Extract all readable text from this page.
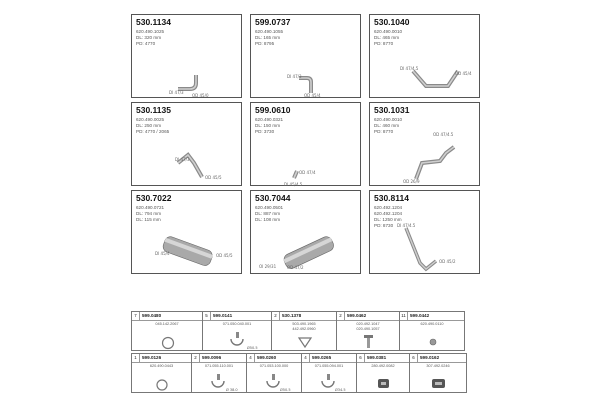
530.1134
620.490.1025
DL: 320 mm
PD: 4770
DI 47/3
OD 45/0
599.0737
620.490.1055
DL: 165 mm
PD: 8795
DI 47/3
OD 45/4
530.1040
620.490.0010
DL: 465 mm
PD: 8770
DI 47/4.5
OD 45/4
530.1135
620.490.0025
DL: 250 mm
PD: 4770 / 2065
DI 47/3
OD 45/5
599.0610
620.490.0321
DL: 150 mm
PD: 3730
OD 47/4
DI 45/4.5
530.1031
620.490.0010
DL: 460 mm
PD: 8770
OD 47/4.5
OD 26/9
530.7022
620.490.0721
DL: 794 mm
DL: 115 mm
DI 45/4	OD 45/5
530.7044
620.490.0501
DL: 887 mm
DL: 108 mm
OI 29/31	OD 47/2
530.8114
620.492.1204
620.492.1204
DL: 1250 mm
PD: 8730 DI 47/4.5
OD 45/2
7	599.0480
045.142.2067
5	599.0141
071.050.040.001
Ø50.5
2	530.1378
503.490.1965
442.492.0960
2	599.0462
020.492.1047
020.490.1057
11 599.0442
620.490.0110
1	599.0126
620.490.0443
2	599.0096
071.055.110.001
Ø 38.0
4	599.0260
071.053.100.000
Ø50.5
4	599.0265
071.055.094.001
Ø34.5
6	599.0381
280.492.0082
6	599.0162
307.492.0246
